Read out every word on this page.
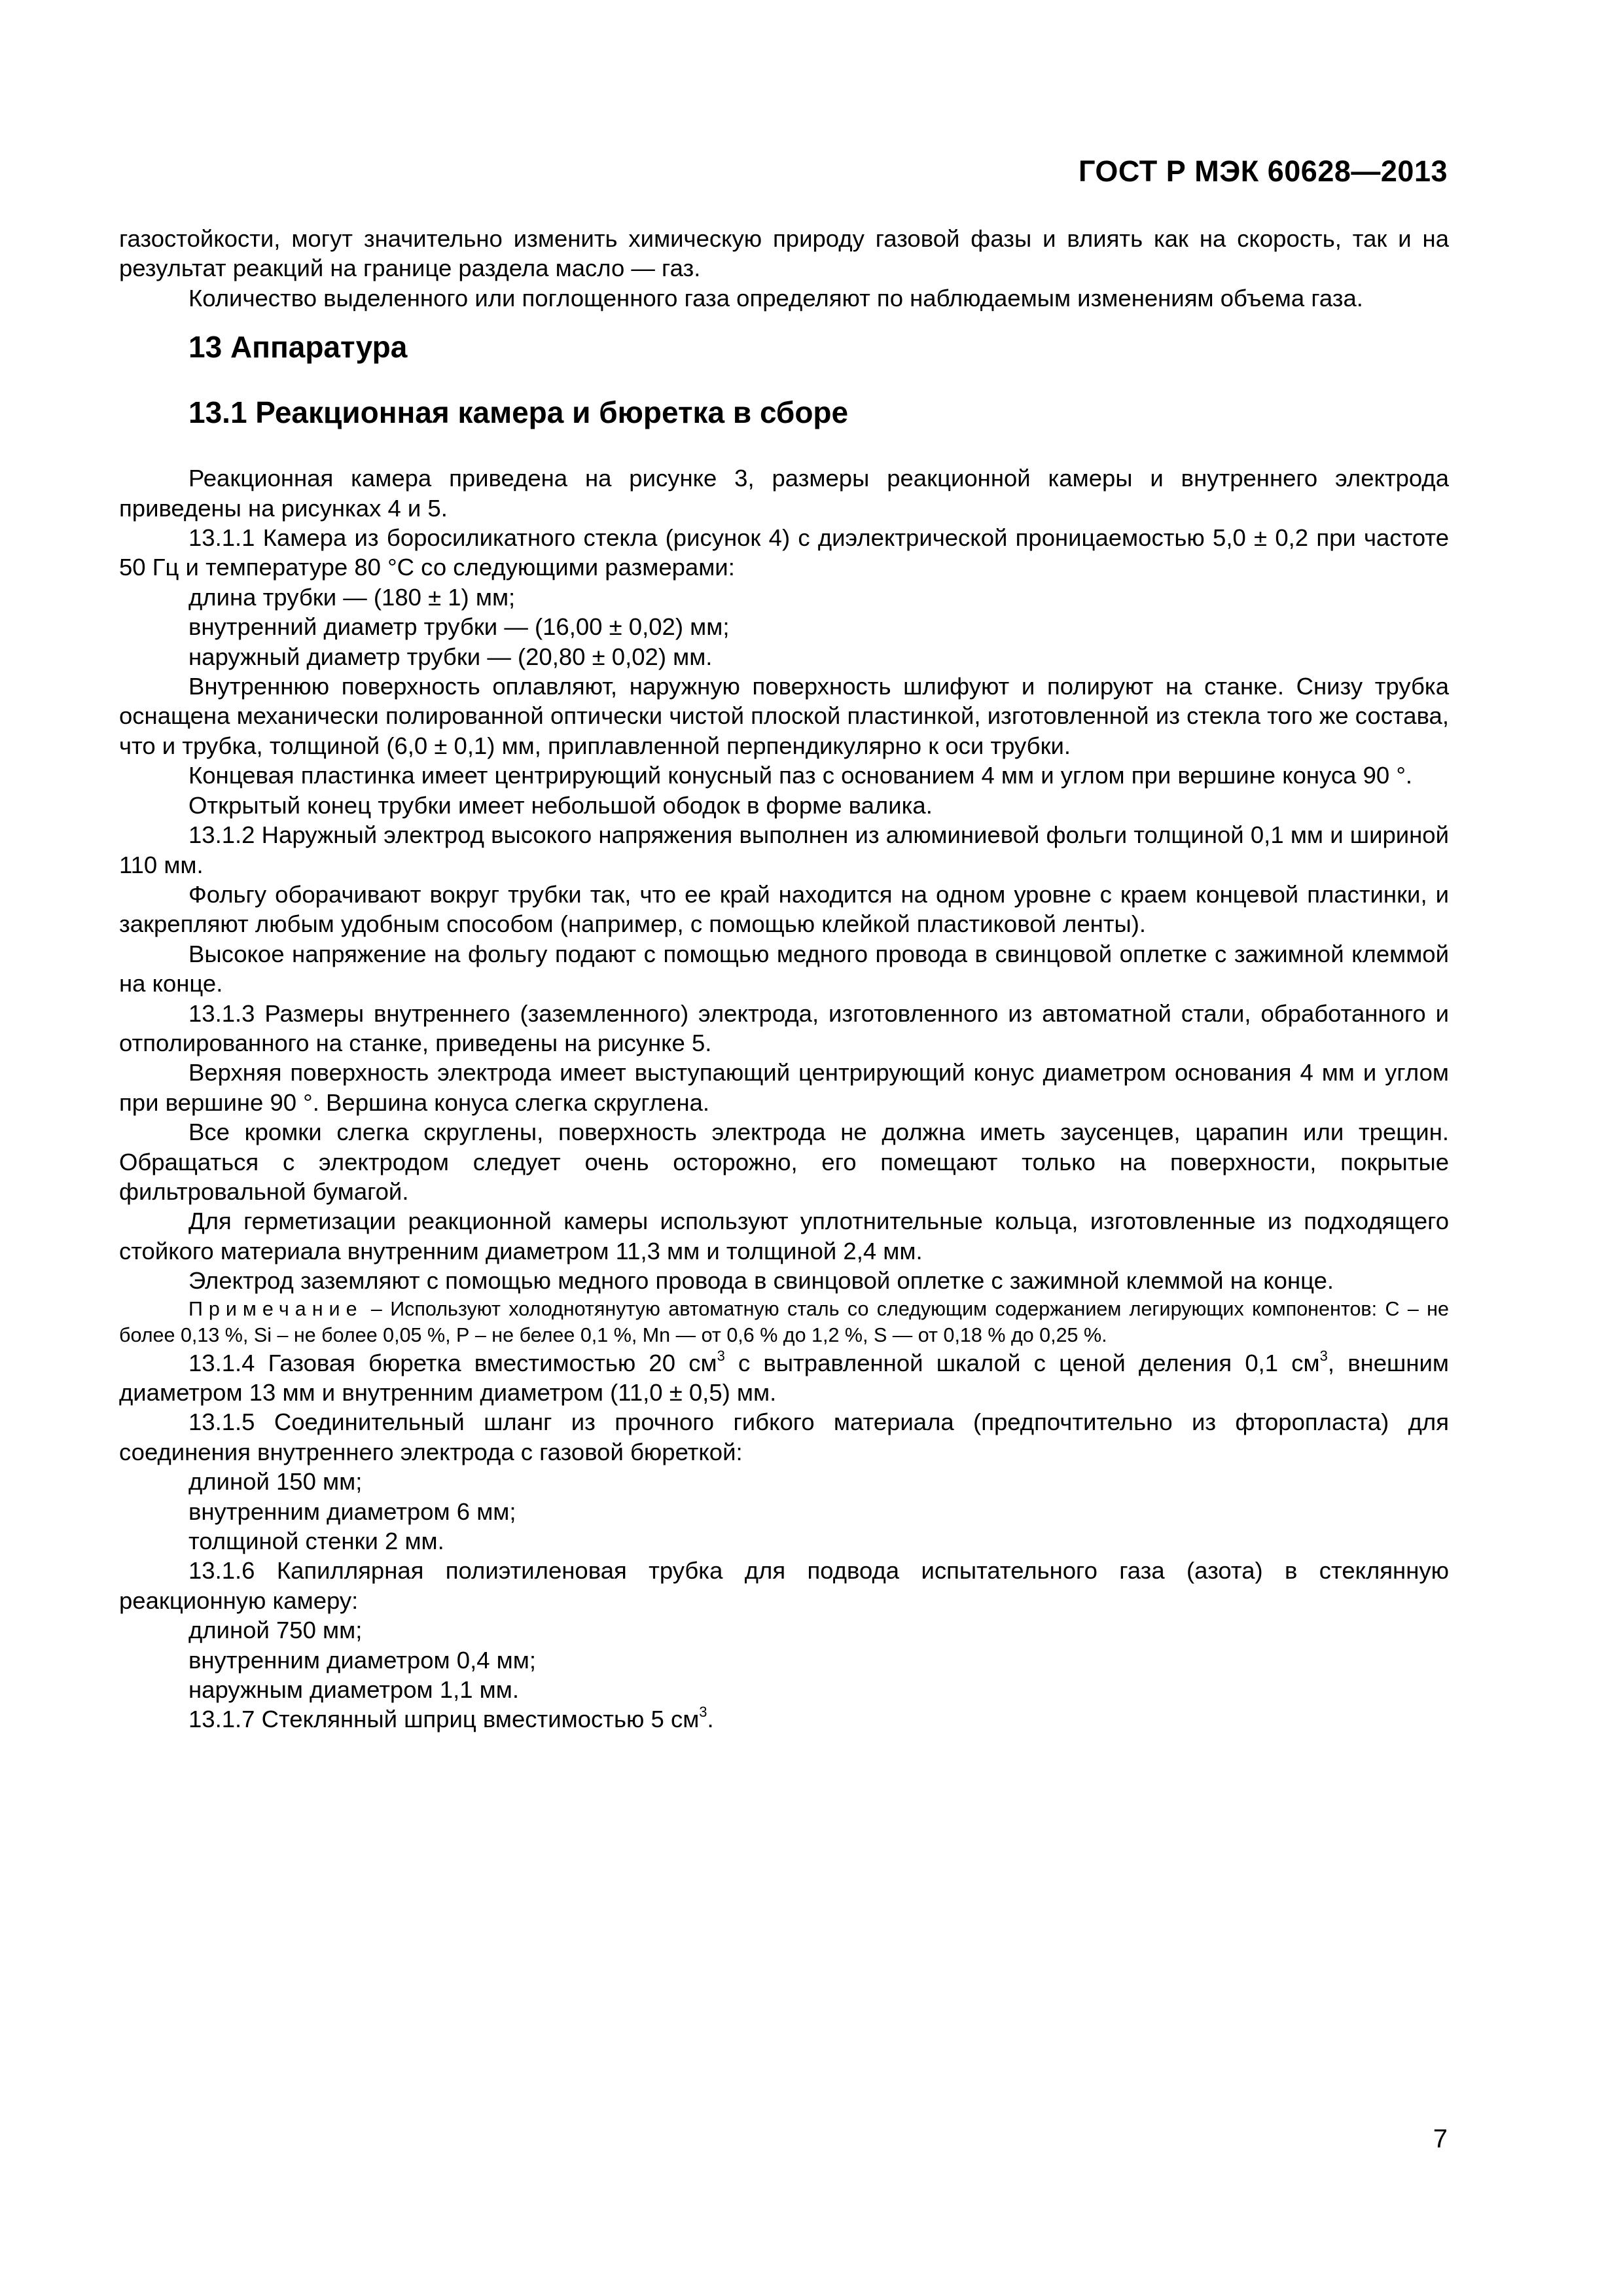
ГОСТ Р МЭК 60628—2013

газостойкости, могут значительно изменить химическую природу газовой фазы и влиять как на скорость, так и на результат реакций на границе раздела масло — газ.

Количество выделенного или поглощенного газа определяют по наблюдаемым изменениям объема газа.

13 Аппаратура
13.1 Реакционная камера и бюретка в сборе

Реакционная камера приведена на рисунке 3, размеры реакционной камеры и внутреннего электрода приведены на рисунках 4 и 5.

13.1.1 Камера из боросиликатного стекла (рисунок 4) с диэлектрической проницаемостью 5,0 ± 0,2 при частоте 50 Гц и температуре 80 °С со следующими размерами:

длина трубки — (180 ± 1) мм;

внутренний диаметр трубки — (16,00 ± 0,02) мм;

наружный диаметр трубки — (20,80 ± 0,02) мм.

Внутреннюю поверхность оплавляют, наружную поверхность шлифуют и полируют на станке. Снизу трубка оснащена механически полированной оптически чистой плоской пластинкой, изготовленной из стекла того же состава, что и трубка, толщиной (6,0 ± 0,1) мм, приплавленной перпендикулярно к оси трубки.

Концевая пластинка имеет центрирующий конусный паз с основанием 4 мм и углом при вершине конуса 90 °.

Открытый конец трубки имеет небольшой ободок в форме валика.

13.1.2 Наружный электрод высокого напряжения выполнен из алюминиевой фольги толщиной 0,1 мм и шириной 110 мм.

Фольгу оборачивают вокруг трубки так, что ее край находится на одном уровне с краем концевой пластинки, и закрепляют любым удобным способом (например, с помощью клейкой пластиковой ленты).

Высокое напряжение на фольгу подают с помощью медного провода в свинцовой оплетке с зажимной клеммой на конце.

13.1.3 Размеры внутреннего (заземленного) электрода, изготовленного из автоматной стали, обработанного и отполированного на станке, приведены на рисунке 5.

Верхняя поверхность электрода имеет выступающий центрирующий конус диаметром основания 4 мм и углом при вершине 90 °. Вершина конуса слегка скруглена.

Все кромки слегка скруглены, поверхность электрода не должна иметь заусенцев, царапин или трещин. Обращаться с электродом следует очень осторожно, его помещают только на поверхности, покрытые фильтровальной бумагой.

Для герметизации реакционной камеры используют уплотнительные кольца, изготовленные из подходящего стойкого материала внутренним диаметром 11,3 мм и толщиной 2,4 мм.

Электрод заземляют с помощью медного провода в свинцовой оплетке с зажимной клеммой на конце.

Примечание – Используют холоднотянутую автоматную сталь со следующим содержанием легирующих компонентов: С – не более 0,13 %, Si – не более 0,05 %, Р – не белее 0,1 %, Mn — от 0,6 % до 1,2 %, S — от 0,18 % до 0,25 %.

13.1.4 Газовая бюретка вместимостью 20 $см^3$ с вытравленной шкалой с ценой деления 0,1 $см^3$, внешним диаметром 13 мм и внутренним диаметром (11,0 ± 0,5) мм.

13.1.5 Соединительный шланг из прочного гибкого материала (предпочтительно из фторопласта) для соединения внутреннего электрода с газовой бюреткой:

длиной 150 мм;

внутренним диаметром 6 мм;

толщиной стенки 2 мм.

13.1.6 Капиллярная полиэтиленовая трубка для подвода испытательного газа (азота) в стеклянную реакционную камеру:

длиной 750 мм;

внутренним диаметром 0,4 мм;

наружным диаметром 1,1 мм.

13.1.7 Стеклянный шприц вместимостью 5 $см^3$.

7
